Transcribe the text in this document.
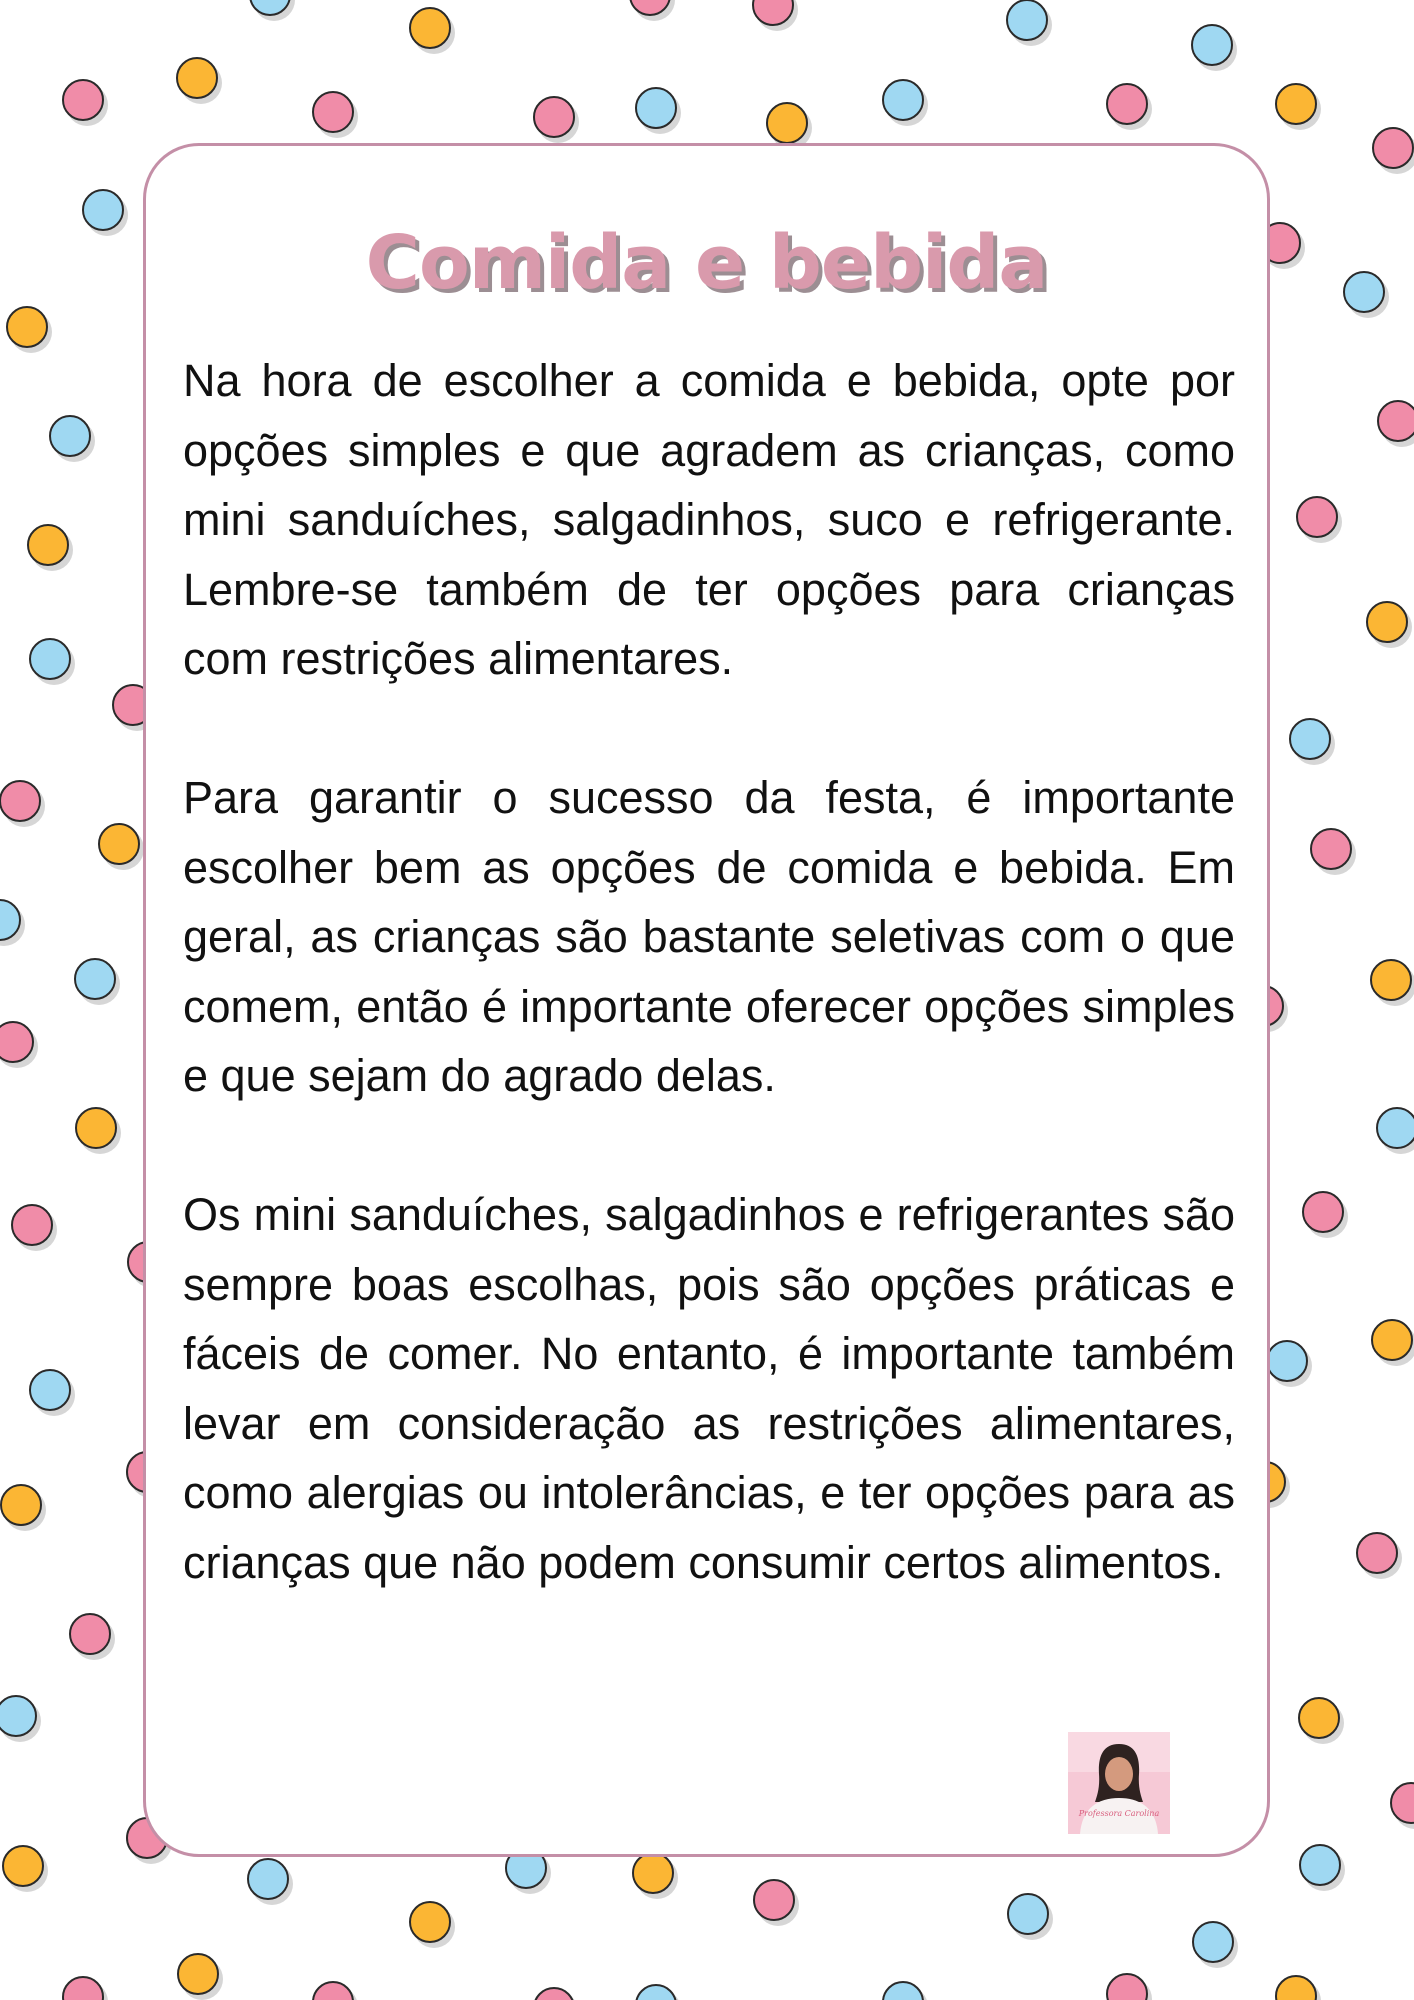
Comida e bebida

Na hora de escolher a comida e bebida, opte por opções simples e que agradem as crianças, como mini sanduíches, salgadinhos, suco e refrigerante. Lembre-se também de ter opções para crianças com restrições alimentares.

Para garantir o sucesso da festa, é importante escolher bem as opções de comida e bebida. Em geral, as crianças são bastante seletivas com o que comem, então é importante oferecer opções simples e que sejam do agrado delas.

Os mini sanduíches, salgadinhos e refrigerantes são sempre boas escolhas, pois são opções práticas e fáceis de comer. No entanto, é importante também levar em consideração as restrições alimentares, como alergias ou intolerâncias, e ter opções para as crianças que não podem consumir certos alimentos.

Professora Carolina
